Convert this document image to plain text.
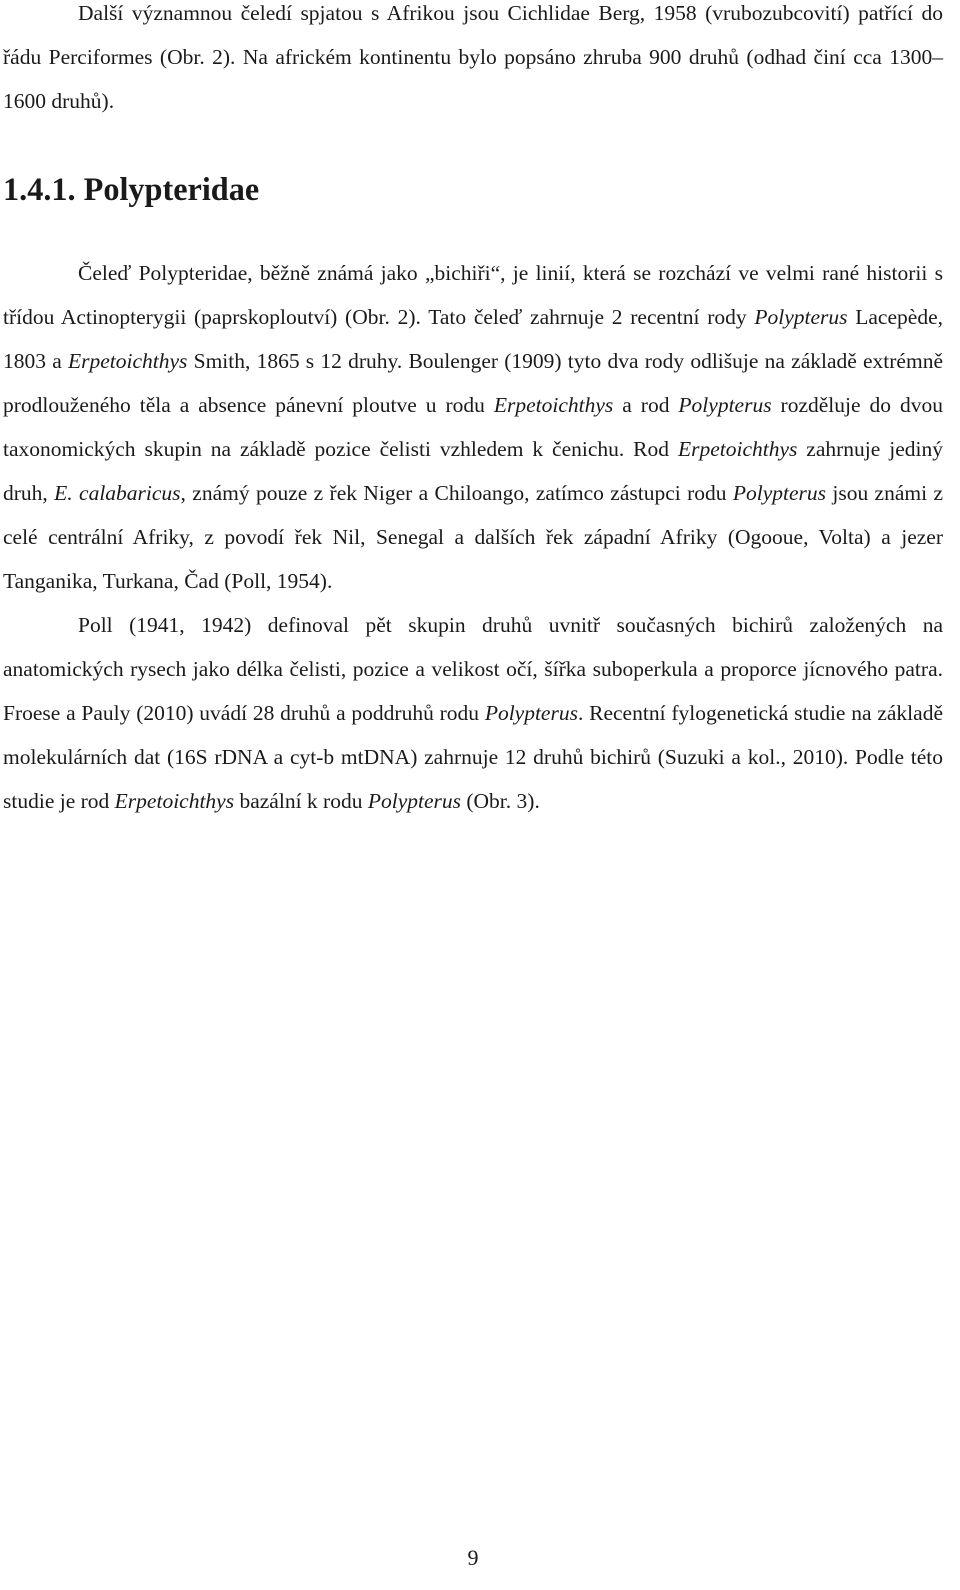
Další významnou čeledí spjatou s Afrikou jsou Cichlidae Berg, 1958 (vrubozubcovití) patřící do řádu Perciformes (Obr. 2). Na africkém kontinentu bylo popsáno zhruba 900 druhů (odhad činí cca 1300–1600 druhů).

1.4.1. Polypteridae

Čeleď Polypteridae, běžně známá jako „bichiři“, je linií, která se rozchází ve velmi rané historii s třídou Actinopterygii (paprskoploutví) (Obr. 2). Tato čeleď zahrnuje 2 recentní rody Polypterus Lacepède, 1803 a Erpetoichthys Smith, 1865 s 12 druhy. Boulenger (1909) tyto dva rody odlišuje na základě extrémně prodlouženého těla a absence pánevní ploutve u rodu Erpetoichthys a rod Polypterus rozděluje do dvou taxonomických skupin na základě pozice čelisti vzhledem k čenichu. Rod Erpetoichthys zahrnuje jediný druh, E. calabaricus, známý pouze z řek Niger a Chiloango, zatímco zástupci rodu Polypterus jsou známi z celé centrální Afriky, z povodí řek Nil, Senegal a dalších řek západní Afriky (Ogooue, Volta) a jezer Tanganika, Turkana, Čad (Poll, 1954).

Poll (1941, 1942) definoval pět skupin druhů uvnitř současných bichirů založených na anatomických rysech jako délka čelisti, pozice a velikost očí, šířka suboperkula a proporce jícnového patra. Froese a Pauly (2010) uvádí 28 druhů a poddruhů rodu Polypterus. Recentní fylogenetická studie na základě molekulárních dat (16S rDNA a cyt-b mtDNA) zahrnuje 12 druhů bichirů (Suzuki a kol., 2010). Podle této studie je rod Erpetoichthys bazální k rodu Polypterus (Obr. 3).

9
